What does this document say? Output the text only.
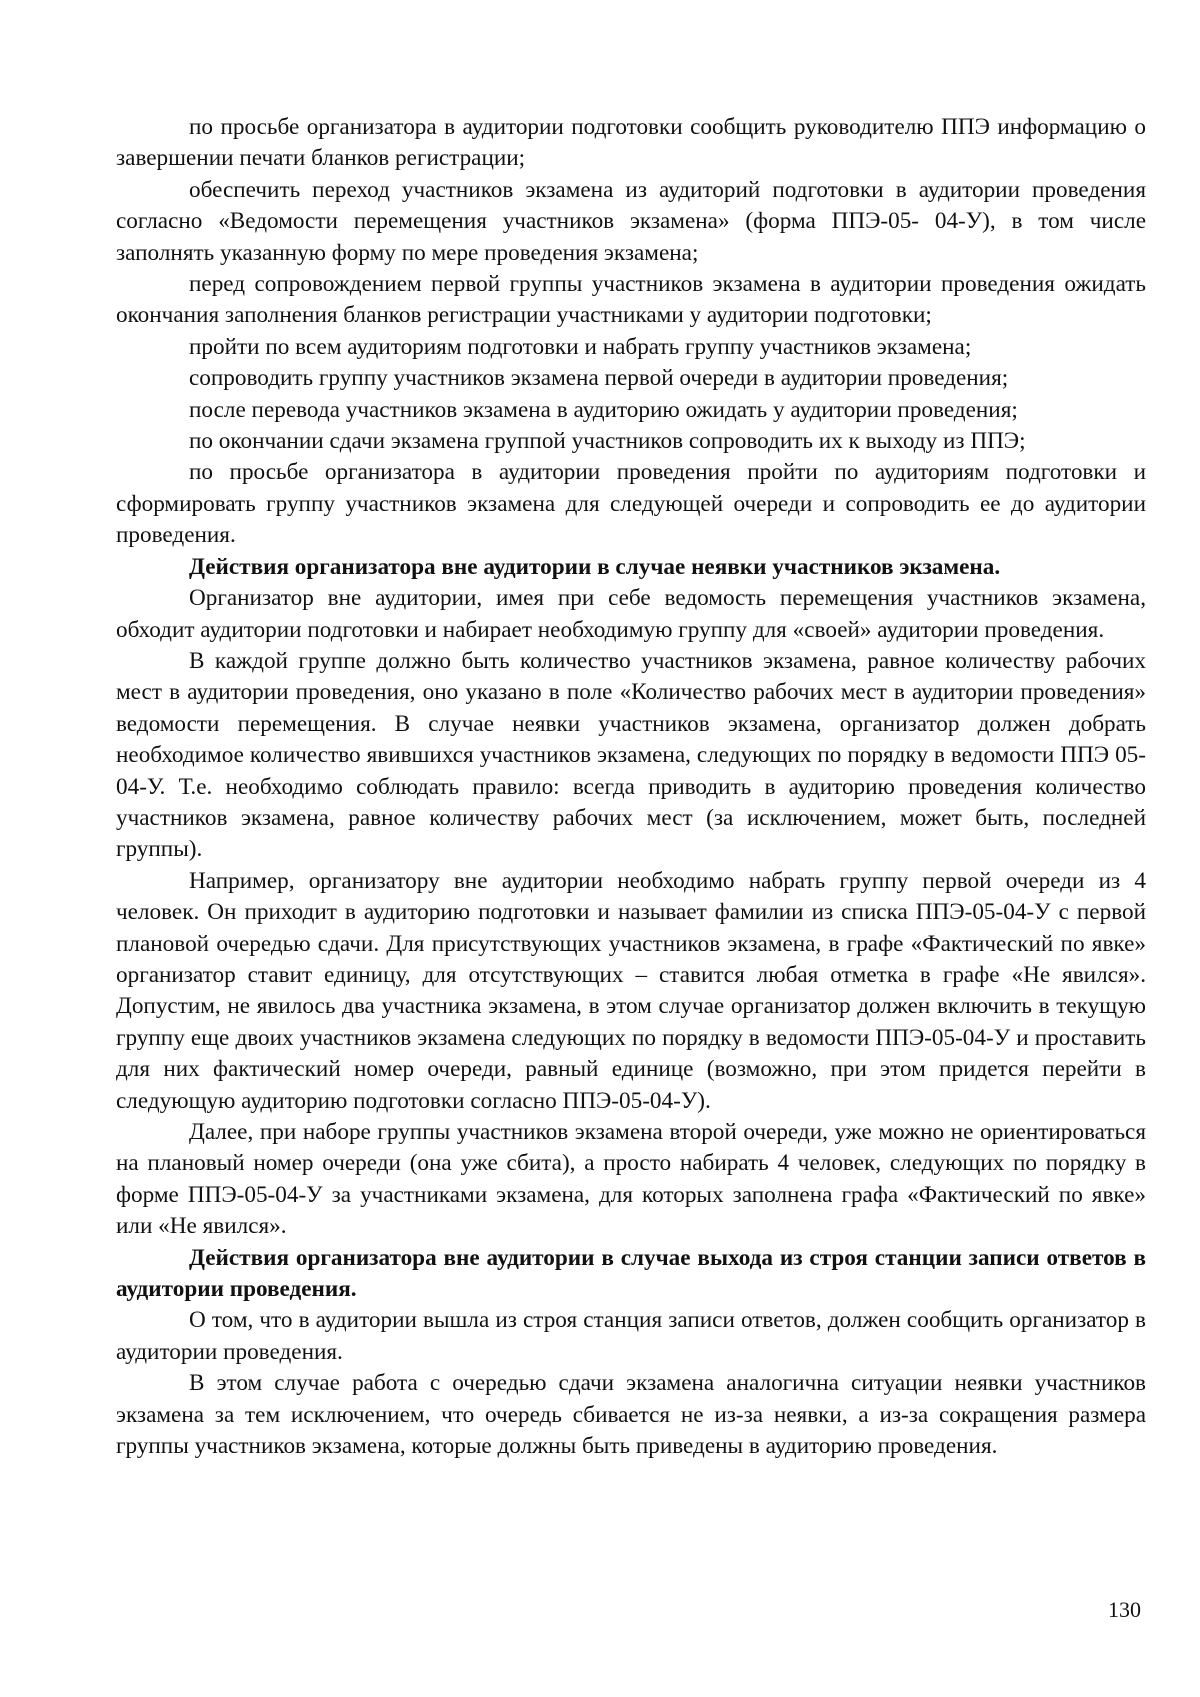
по просьбе организатора в аудитории подготовки сообщить руководителю ППЭ информацию о завершении печати бланков регистрации;

обеспечить переход участников экзамена из аудиторий подготовки в аудитории проведения согласно «Ведомости перемещения участников экзамена» (форма ППЭ-05- 04-У), в том числе заполнять указанную форму по мере проведения экзамена;

перед сопровождением первой группы участников экзамена в аудитории проведения ожидать окончания заполнения бланков регистрации участниками у аудитории подготовки;

пройти по всем аудиториям подготовки и набрать группу участников экзамена;

сопроводить группу участников экзамена первой очереди в аудитории проведения;

после перевода участников экзамена в аудиторию ожидать у аудитории проведения;

по окончании сдачи экзамена группой участников сопроводить их к выходу из ППЭ;

по просьбе организатора в аудитории проведения пройти по аудиториям подготовки и сформировать группу участников экзамена для следующей очереди и сопроводить ее до аудитории проведения.

Действия организатора вне аудитории в случае неявки участников экзамена.

Организатор вне аудитории, имея при себе ведомость перемещения участников экзамена, обходит аудитории подготовки и набирает необходимую группу для «своей» аудитории проведения.

В каждой группе должно быть количество участников экзамена, равное количеству рабочих мест в аудитории проведения, оно указано в поле «Количество рабочих мест в аудитории проведения» ведомости перемещения. В случае неявки участников экзамена, организатор должен добрать необходимое количество явившихся участников экзамена, следующих по порядку в ведомости ППЭ 05-04-У. Т.е. необходимо соблюдать правило: всегда приводить в аудиторию проведения количество участников экзамена, равное количеству рабочих мест (за исключением, может быть, последней группы).

Например, организатору вне аудитории необходимо набрать группу первой очереди из 4 человек. Он приходит в аудиторию подготовки и называет фамилии из списка ППЭ-05-04-У с первой плановой очередью сдачи. Для присутствующих участников экзамена, в графе «Фактический по явке» организатор ставит единицу, для отсутствующих – ставится любая отметка в графе «Не явился». Допустим, не явилось два участника экзамена, в этом случае организатор должен включить в текущую группу еще двоих участников экзамена следующих по порядку в ведомости ППЭ-05-04-У и проставить для них фактический номер очереди, равный единице (возможно, при этом придется перейти в следующую аудиторию подготовки согласно ППЭ-05-04-У).

Далее, при наборе группы участников экзамена второй очереди, уже можно не ориентироваться на плановый номер очереди (она уже сбита), а просто набирать 4 человек, следующих по порядку в форме ППЭ-05-04-У за участниками экзамена, для которых заполнена графа «Фактический по явке» или «Не явился».

Действия организатора вне аудитории в случае выхода из строя станции записи ответов в аудитории проведения.

О том, что в аудитории вышла из строя станция записи ответов, должен сообщить организатор в аудитории проведения.

В этом случае работа с очередью сдачи экзамена аналогична ситуации неявки участников экзамена за тем исключением, что очередь сбивается не из-за неявки, а из-за сокращения размера группы участников экзамена, которые должны быть приведены в аудиторию проведения.

130
